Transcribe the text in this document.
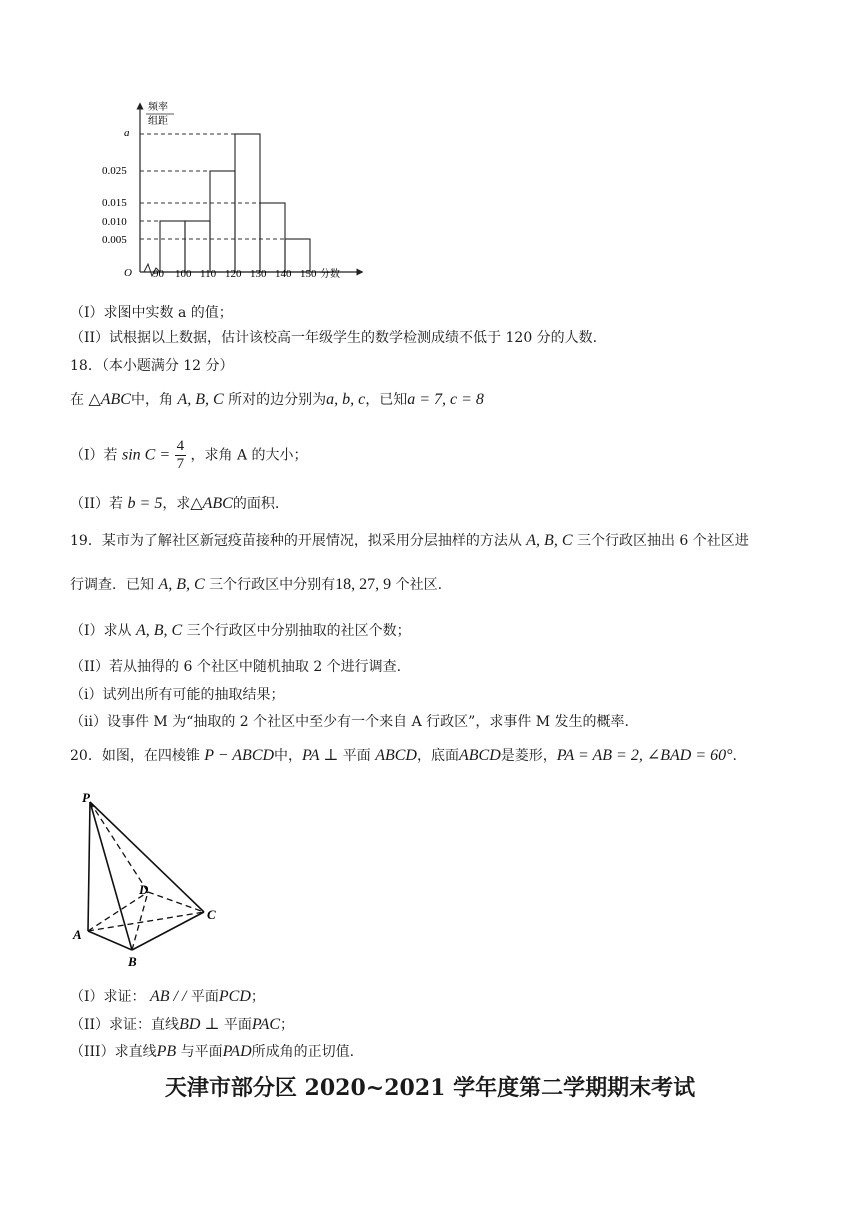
频率
组距
a
0.025
0.015
0.010
0.005
O 90 100 110 120 130 140 150 分数
（I）求图中实数 a 的值；
（II）试根据以上数据，估计该校高一年级学生的数学检测成绩不低于 120 分的人数.
18．（本小题满分 12 分）
在 △ABC中，角 A, B, C 所对的边分别为a, b, c，已知a = 7, c = 8
（I）若 $\sin C = \frac{4}{7}$ ，求角 A 的大小；
（II）若 b = 5，求△ABC的面积.
19．某市为了解社区新冠疫苗接种的开展情况，拟采用分层抽样的方法从 A, B, C 三个行政区抽出 6 个社区进
行调查．已知 A, B, C 三个行政区中分别有18, 27, 9 个社区.
（I）求从 A, B, C 三个行政区中分别抽取的社区个数；
（II）若从抽得的 6 个社区中随机抽取 2 个进行调查.
（i）试列出所有可能的抽取结果；
（ii）设事件 M 为“抽取的 2 个社区中至少有一个来自 A 行政区”，求事件 M 发生的概率.
20．如图，在四棱锥 P − ABCD中，PA ⊥ 平面 ABCD，底面ABCD是菱形，PA = AB = 2, ∠BAD = 60°.
P
A
B
C
D
（I）求证： AB / / 平面PCD；
（II）求证：直线BD ⊥ 平面PAC；
（III）求直线PB 与平面PAD所成角的正切值.
天津市部分区 2020~2021 学年度第二学期期末考试
